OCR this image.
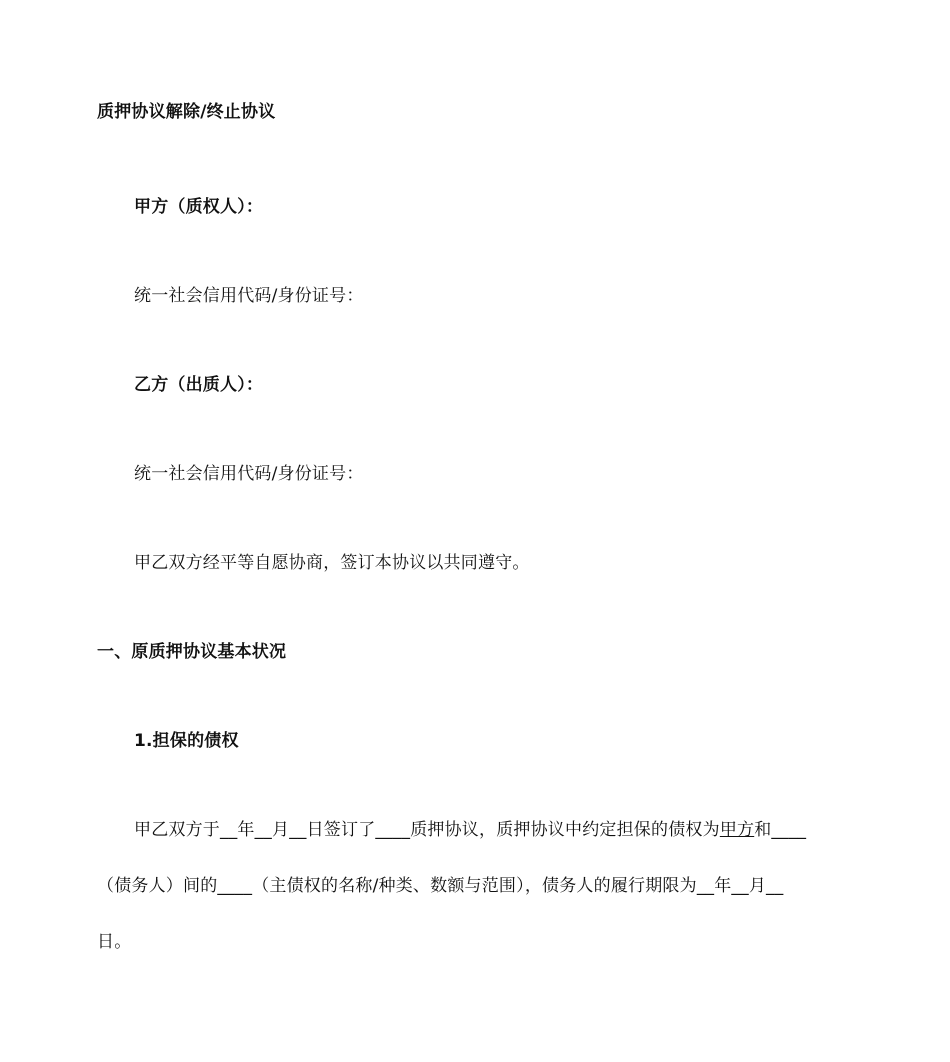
质押协议解除/终止协议
甲方（质权人）：
统一社会信用代码/身份证号：
乙方（出质人）：
统一社会信用代码/身份证号：
甲乙双方经平等自愿协商，签订本协议以共同遵守。
一、原质押协议基本状况
1.担保的债权
甲乙双方于__年__月__日签订了____质押协议，质押协议中约定担保的债权为甲方和____
（债务人）间的____（主债权的名称/种类、数额与范围），债务人的履行期限为__年__月__
日。
